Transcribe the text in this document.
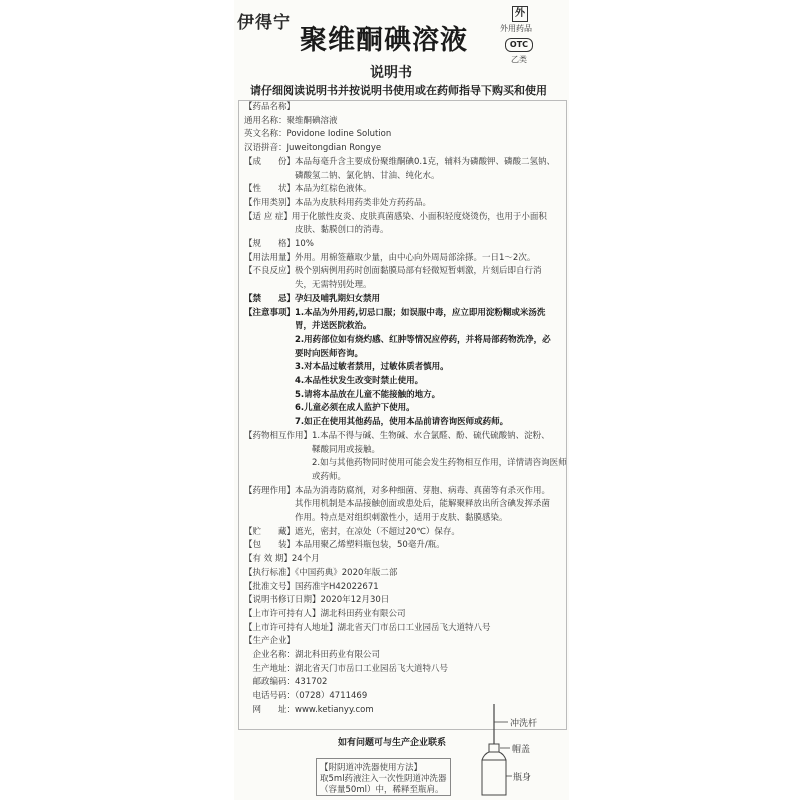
伊得宁
聚维酮碘溶液
说明书
外
外用药品
OTC
乙类
请仔细阅读说明书并按说明书使用或在药师指导下购买和使用
【药品名称】
通用名称：聚维酮碘溶液
英文名称：Povidone Iodine Solution
汉语拼音：Juweitongdian Rongye
【成　　份】本品每毫升含主要成份聚维酮碘0.1克，辅料为磷酸钾、磷酸二氢钠、
　　　　　　磷酸氢二钠、氯化钠、甘油、纯化水。
【性　　状】本品为红棕色液体。
【作用类别】本品为皮肤科用药类非处方药药品。
【适 应 症】用于化脓性皮炎、皮肤真菌感染、小面积轻度烧烫伤，也用于小面积
　　　　　　皮肤、黏膜创口的消毒。
【规　　格】10%
【用法用量】外用。用棉签蘸取少量，由中心向外周局部涂搽。一日1～2次。
【不良反应】极个别病例用药时创面黏膜局部有轻微短暂刺激，片刻后即自行消
　　　　　　失，无需特别处理。
【禁　　忌】孕妇及哺乳期妇女禁用
【注意事项】1.本品为外用药,切忌口服；如误服中毒，应立即用淀粉糊或米汤洗
　　　　　　胃，并送医院救治。
　　　　　　2.用药部位如有烧灼感、红肿等情况应停药，并将局部药物洗净，必
　　　　　　要时向医师咨询。
　　　　　　3.对本品过敏者禁用，过敏体质者慎用。
　　　　　　4.本品性状发生改变时禁止使用。
　　　　　　5.请将本品放在儿童不能接触的地方。
　　　　　　6.儿童必须在成人监护下使用。
　　　　　　7.如正在使用其他药品，使用本品前请咨询医师或药师。
【药物相互作用】1.本品不得与碱、生物碱、水合氯醛、酚、硫代硫酸钠、淀粉、
　　　　　　　　鞣酸同用或接触。
　　　　　　　　2.如与其他药物同时使用可能会发生药物相互作用，详情请咨询医师
　　　　　　　　或药师。
【药理作用】本品为消毒防腐剂，对多种细菌、芽胞、病毒、真菌等有杀灭作用。
　　　　　　其作用机制是本品接触创面或患处后，能解聚释放出所含碘发挥杀菌
　　　　　　作用。特点是对组织刺激性小，适用于皮肤、黏膜感染。
【贮　　藏】遮光，密封，在凉处（不超过20℃）保存。
【包　　装】本品用聚乙烯塑料瓶包装，50毫升/瓶。
【有 效 期】24个月
【执行标准】《中国药典》2020年版二部
【批准文号】国药准字H42022671
【说明书修订日期】2020年12月30日
【上市许可持有人】湖北科田药业有限公司
【上市许可持有人地址】湖北省天门市岳口工业园岳飞大道特八号
【生产企业】
　企业名称：湖北科田药业有限公司
　生产地址：湖北省天门市岳口工业园岳飞大道特八号
　邮政编码：431702
　电话号码：（0728）4711469
　网　　址：www.ketianyy.com
如有问题可与生产企业联系
【附阴道冲洗器使用方法】
取5ml药液注入一次性阴道冲洗器
（容量50ml）中，稀释至瓶肩。
冲洗杆
帽盖
瓶身
